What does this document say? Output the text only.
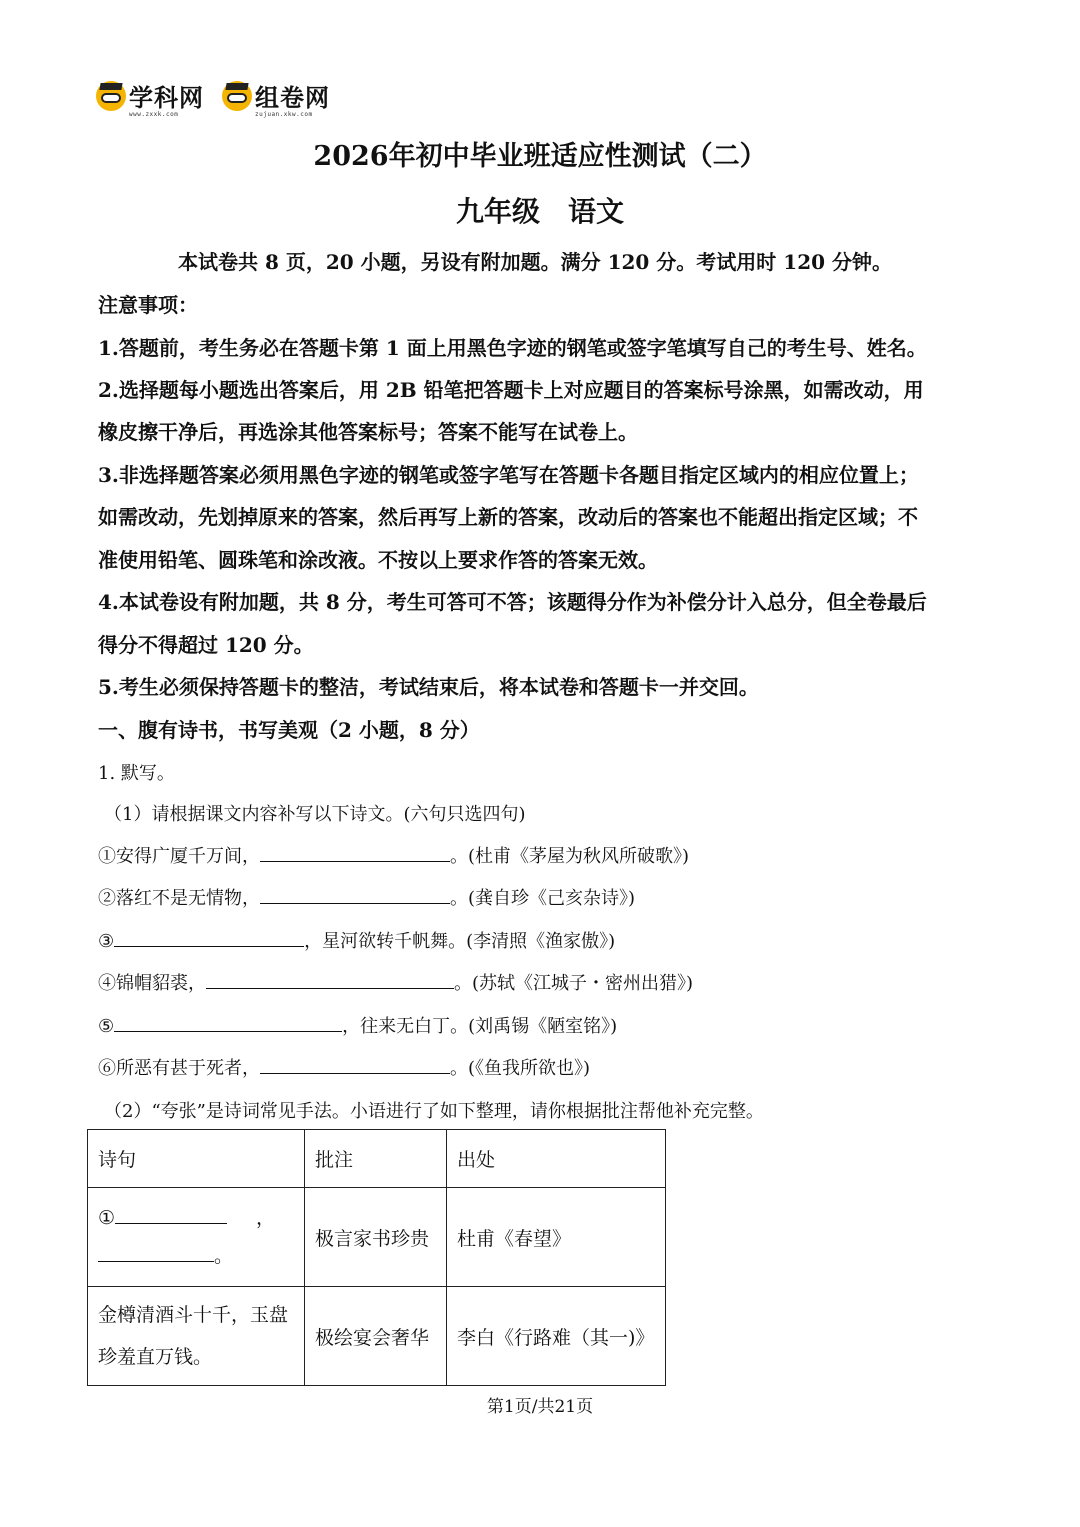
学科网
www.zxxk.com
组卷网
zujuan.xkw.com
2026年初中毕业班适应性测试（二）
九年级　语文
本试卷共 8 页，20 小题，另设有附加题。满分 120 分。考试用时 120 分钟。
注意事项：
1.答题前，考生务必在答题卡第 1 面上用黑色字迹的钢笔或签字笔填写自己的考生号、姓名。
2.选择题每小题选出答案后，用 2B 铅笔把答题卡上对应题目的答案标号涂黑，如需改动，用
橡皮擦干净后，再选涂其他答案标号；答案不能写在试卷上。
3.非选择题答案必须用黑色字迹的钢笔或签字笔写在答题卡各题目指定区域内的相应位置上；
如需改动，先划掉原来的答案，然后再写上新的答案，改动后的答案也不能超出指定区域；不
准使用铅笔、圆珠笔和涂改液。不按以上要求作答的答案无效。
4.本试卷设有附加题，共 8 分，考生可答可不答；该题得分作为补偿分计入总分，但全卷最后
得分不得超过 120 分。
5.考生必须保持答题卡的整洁，考试结束后，将本试卷和答题卡一并交回。
一、腹有诗书，书写美观（2 小题，8 分）
1. 默写。
（1）请根据课文内容补写以下诗文。(六句只选四句)
①安得广厦千万间，	。(杜甫《茅屋为秋风所破歌》)
②落红不是无情物，	。(龚自珍《己亥杂诗》)
③	，星河欲转千帆舞。(李清照《渔家傲》)
④锦帽貂裘，	。(苏轼《江城子・密州出猎》)
⑤	，往来无白丁。(刘禹锡《陋室铭》)
⑥所恶有甚于死者，	。(《鱼我所欲也》)
（2）“夸张”是诗词常见手法。小语进行了如下整理，请你根据批注帮他补充完整。
诗句	批注	出处

① ，
。	极言家书珍贵	杜甫《春望》

金樽清酒斗十千，玉盘
珍羞直万钱。	极绘宴会奢华	李白《行路难（其一)》
第1页/共21页
